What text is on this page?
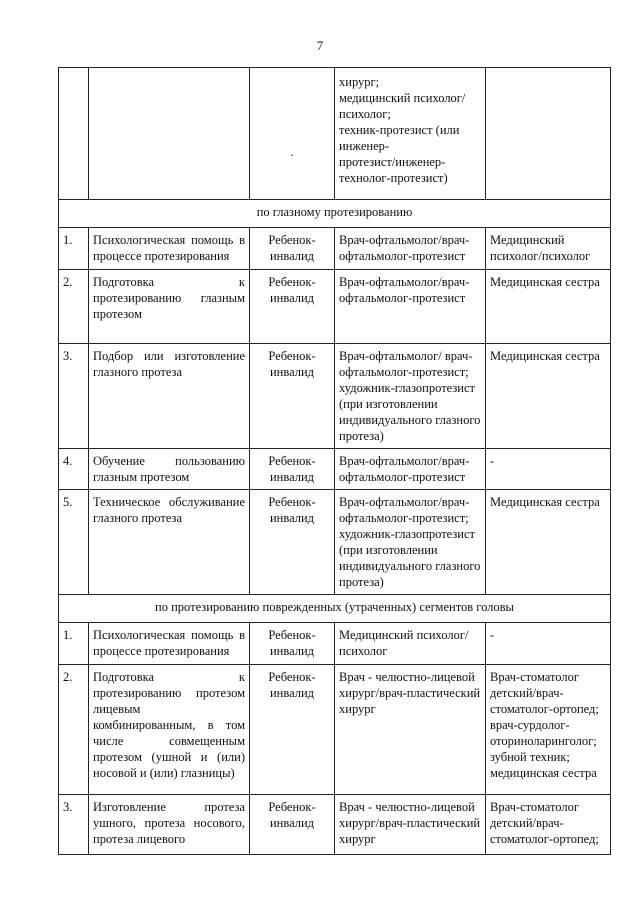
7

		.	хирург;
медицинский психолог/психолог;
техник-протезист (или инженер-
протезист/инженер-
технолог-протезист)	
по глазному протезированию				
1.	Психологическая помощь в процессе протезирования	Ребенок-инвалид	Врач-офтальмолог/врач-офтальмолог-протезист	Медицинский психолог/психолог
2.	Подготовка к протезированию глазным протезом	Ребенок-инвалид	Врач-офтальмолог/врач-офтальмолог-протезист	Медицинская сестра
3.	Подбор или изготовление глазного протеза	Ребенок-инвалид	Врач-офтальмолог/ врач-офтальмолог-протезист; художник-глазопротезист (при изготовлении индивидуального глазного протеза)	Медицинская сестра
4.	Обучение пользованию глазным протезом	Ребенок-инвалид	Врач-офтальмолог/врач-офтальмолог-протезист	-
5.	Техническое обслуживание глазного протеза	Ребенок-инвалид	Врач-офтальмолог/врач-офтальмолог-протезист; художник-глазопротезист (при изготовлении индивидуального глазного протеза)	Медицинская сестра
по протезированию поврежденных (утраченных) сегментов головы				
1.	Психологическая помощь в процессе протезирования	Ребенок-инвалид	Медицинский психолог/психолог	-
2.	Подготовка к протезированию протезом лицевым комбинированным, в том числе совмещенным протезом (ушной и (или) носовой и (или) глазницы)	Ребенок-инвалид	Врач - челюстно-лицевой хирург/врач-пластический хирург	Врач-стоматолог детский/врач-стоматолог-ортопед; врач-сурдолог-оториноларинголог; зубной техник; медицинская сестра
3.	Изготовление протеза ушного, протеза носового, протеза лицевого	Ребенок-инвалид	Врач - челюстно-лицевой хирург/врач-пластический хирург	Врач-стоматолог детский/врач-стоматолог-ортопед;
